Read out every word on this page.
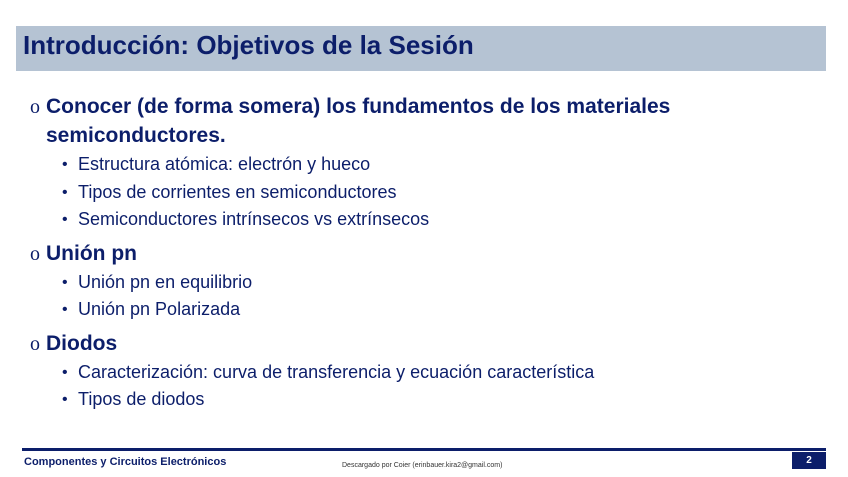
Introducción: Objetivos de la Sesión
o Conocer (de forma somera) los fundamentos de los materiales
semiconductores.
• Estructura atómica: electrón y hueco
• Tipos de corrientes en semiconductores
• Semiconductores intrínsecos vs extrínsecos
o Unión pn
• Unión pn en equilibrio
• Unión pn Polarizada
o Diodos
• Caracterización: curva de transferencia y ecuación característica
• Tipos de diodos
Componentes y Circuitos Electrónicos	Descargado por Coier (erinbauer.kira2@gmail.com)	2
